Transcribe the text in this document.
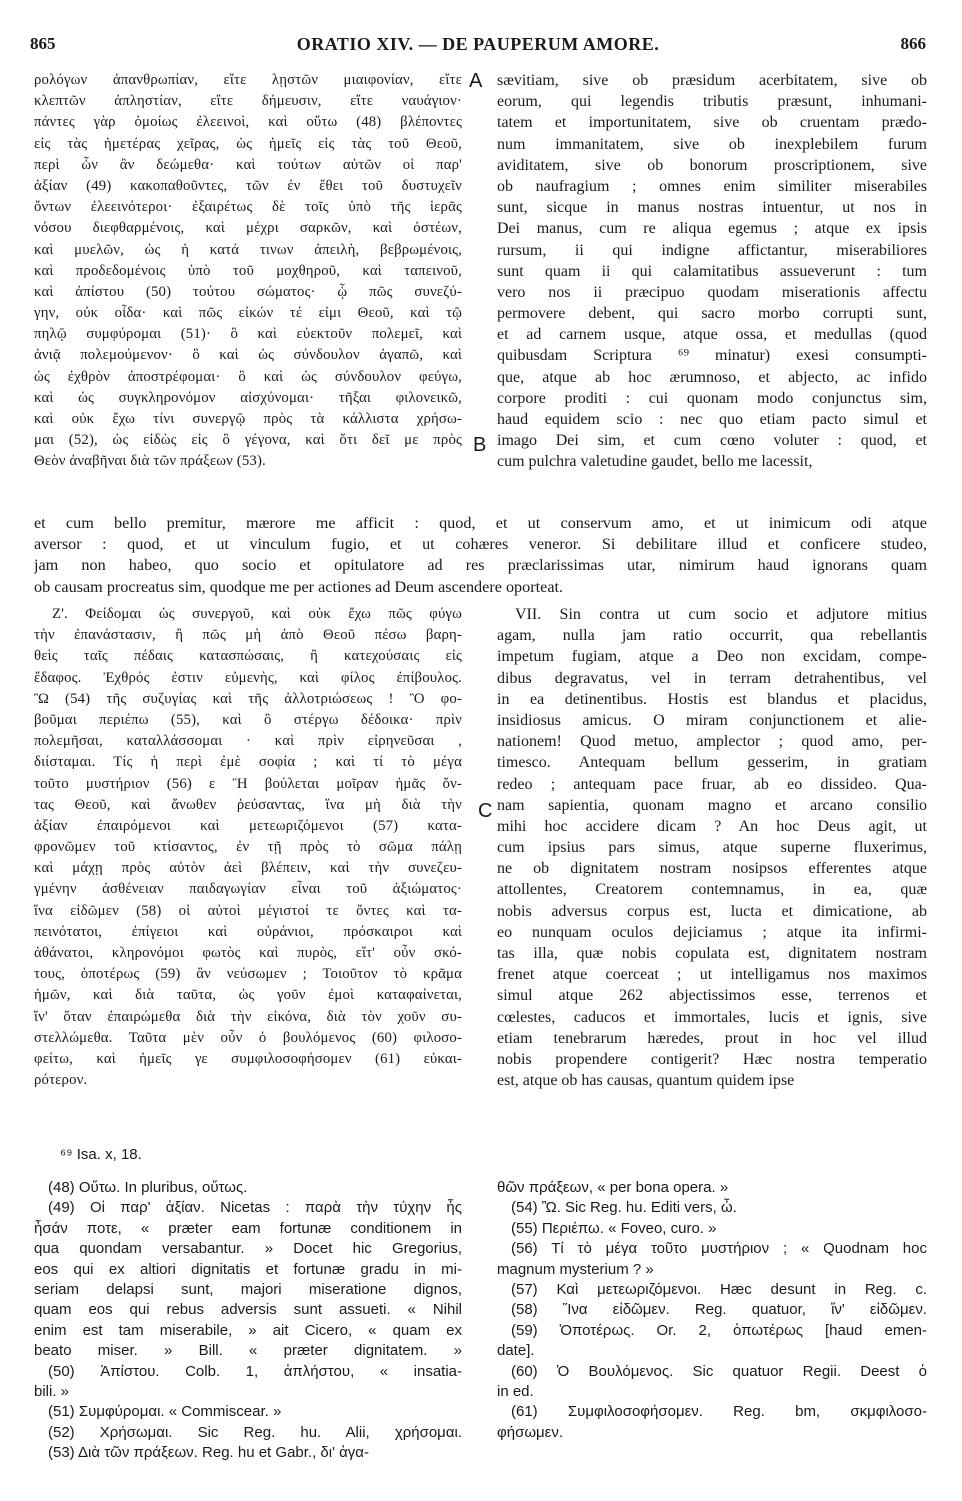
865	ORATIO XIV. — DE PAUPERUM AMORE.	866
A
B
C
ρολόγων ἀπανθρωπίαν, εἴτε λῃστῶν μιαιφονίαν, εἴτε
κλεπτῶν ἀπληστίαν, εἴτε δήμευσιν, εἴτε ναυάγιον·
πάντες γὰρ ὁμοίως ἐλεεινοὶ, καὶ οὕτω (48) βλέποντες
εἰς τὰς ἡμετέρας χεῖρας, ὡς ἡμεῖς εἰς τὰς τοῦ Θεοῦ,
περὶ ὧν ἂν δεώμεθα· καὶ τούτων αὐτῶν οἱ παρ'
ἀξίαν (49) κακοπαθοῦντες, τῶν ἐν ἔθει τοῦ δυστυχεῖν
ὄντων ἐλεεινότεροι· ἐξαιρέτως δὲ τοῖς ὑπὸ τῆς ἱερᾶς
νόσου διεφθαρμένοις, καὶ μέχρι σαρκῶν, καὶ ὀστέων,
καὶ μυελῶν, ὡς ἡ κατά τινων ἀπειλὴ, βεβρωμένοις,
καὶ προδεδομένοις ὑπὸ τοῦ μοχθηροῦ, καὶ ταπεινοῦ,
καὶ ἀπίστου (50) τούτου σώματος· ᾧ πῶς συνεζύ-
γην, οὐκ οἶδα· καὶ πῶς εἰκών τέ εἰμι Θεοῦ, καὶ τῷ
πηλῷ συμφύρομαι (51)· ὃ καὶ εὐεκτοῦν πολεμεῖ, καὶ
ἀνιᾷ πολεμούμενον· ὃ καὶ ὡς σύνδουλον ἀγαπῶ, καὶ
ὡς ἐχθρὸν ἀποστρέφομαι· ὃ καὶ ὡς σύνδουλον φεύγω,
καὶ ὡς συγκληρονόμον αἰσχύνομαι· τῆξαι φιλονεικῶ,
καὶ οὐκ ἔχω τίνι συνεργῷ πρὸς τὰ κάλλιστα χρήσω-
μαι (52), ὡς εἰδὼς εἰς ὃ γέγονα, καὶ ὅτι δεῖ με πρὸς
Θεὸν ἀναβῆναι διὰ τῶν πράξεων (53).
sævitiam, sive ob præsidum acerbitatem, sive ob
eorum, qui legendis tributis præsunt, inhumani-
tatem et importunitatem, sive ob cruentam prædo-
num immanitatem, sive ob inexplebilem furum
aviditatem, sive ob bonorum proscriptionem, sive
ob naufragium ; omnes enim similiter miserabiles
sunt, sicque in manus nostras intuentur, ut nos in
Dei manus, cum re aliqua egemus ; atque ex ipsis
rursum, ii qui indigne affictantur, miserabiliores
sunt quam ii qui calamitatibus assueverunt : tum
vero nos ii præcipuo quodam miserationis affectu
permovere debent, qui sacro morbo corrupti sunt,
et ad carnem usque, atque ossa, et medullas (quod
quibusdam Scriptura ⁶⁹ minatur) exesi consumpti-
que, atque ab hoc ærumnoso, et abjecto, ac infido
corpore proditi : cui quonam modo conjunctus sim,
haud equidem scio : nec quo etiam pacto simul et
imago Dei sim, et cum cœno voluter : quod, et
cum pulchra valetudine gaudet, bello me lacessit,
et cum bello premitur, mærore me afficit : quod, et ut conservum amo, et ut inimicum odi atque
aversor : quod, et ut vinculum fugio, et ut cohæres veneror. Si debilitare illud et conficere studeo,
jam non habeo, quo socio et opitulatore ad res præclarissimas utar, nimirum haud ignorans quam
ob causam procreatus sim, quodque me per actiones ad Deum ascendere oporteat.
Ζ'. Φείδομαι ὡς συνεργοῦ, καὶ οὐκ ἔχω πῶς φύγω
τὴν ἐπανάστασιν, ἢ πῶς μὴ ἀπὸ Θεοῦ πέσω βαρη-
θεὶς ταῖς πέδαις κατασπώσαις, ἢ κατεχούσαις εἰς
ἔδαφος. Ἐχθρός ἐστιν εὐμενὴς, καὶ φίλος ἐπίβουλος.
Ὢ (54) τῆς συζυγίας καὶ τῆς ἀλλοτριώσεως ! Ὃ φο-
βοῦμαι περιέπω (55), καὶ ὃ στέργω δέδοικα· πρὶν
πολεμῆσαι, καταλλάσσομαι · καὶ πρὶν εἰρηνεῦσαι ,
διίσταμαι. Τίς ἡ περὶ ἐμὲ σοφία ; καὶ τί τὸ μέγα
τοῦτο μυστήριον (56) ε Ἢ βούλεται μοῖραν ἡμᾶς ὄν-
τας Θεοῦ, καὶ ἄνωθεν ῥεύσαντας, ἵνα μὴ διὰ τὴν
ἀξίαν ἐπαιρόμενοι καὶ μετεωριζόμενοι (57) κατα-
φρονῶμεν τοῦ κτίσαντος, ἐν τῇ πρὸς τὸ σῶμα πάλῃ
καὶ μάχῃ πρὸς αὐτὸν ἀεὶ βλέπειν, καὶ τὴν συνεζευ-
γμένην ἀσθένειαν παιδαγωγίαν εἶναι τοῦ ἀξιώματος·
ἵνα εἰδῶμεν (58) οἱ αὐτοὶ μέγιστοί τε ὄντες καὶ τα-
πεινότατοι, ἐπίγειοι καὶ οὐράνιοι, πρόσκαιροι καὶ
ἀθάνατοι, κληρονόμοι φωτὸς καὶ πυρὸς, εἴτ' οὖν σκό-
τους, ὁποτέρως (59) ἂν νεύσωμεν ; Τοιοῦτον τὸ κρᾶμα
ἡμῶν, καὶ διὰ ταῦτα, ὡς γοῦν ἐμοὶ καταφαίνεται,
ἵν' ὅταν ἐπαιρώμεθα διὰ τὴν εἰκόνα, διὰ τὸν χοῦν συ-
στελλώμεθα. Ταῦτα μὲν οὖν ὁ βουλόμενος (60) φιλοσο-
φείτω, καὶ ἡμεῖς γε συμφιλοσοφήσομεν (61) εὐκαι-
ρότερον.
VII. Sin contra ut cum socio et adjutore mitius
agam, nulla jam ratio occurrit, qua rebellantis
impetum fugiam, atque a Deo non excidam, compe-
dibus degravatus, vel in terram detrahentibus, vel
in ea detinentibus. Hostis est blandus et placidus,
insidiosus amicus. O miram conjunctionem et alie-
nationem! Quod metuo, amplector ; quod amo, per-
timesco. Antequam bellum gesserim, in gratiam
redeo ; antequam pace fruar, ab eo dissideo. Qua-
nam sapientia, quonam magno et arcano consilio
mihi hoc accidere dicam ? An hoc Deus agit, ut
cum ipsius pars simus, atque superne fluxerimus,
ne ob dignitatem nostram nosipsos efferentes atque
attollentes, Creatorem contemnamus, in ea, quæ
nobis adversus corpus est, lucta et dimicatione, ab
eo nunquam oculos dejiciamus ; atque ita infirmi-
tas illa, quæ nobis copulata est, dignitatem nostram
frenet atque coerceat ; ut intelligamus nos maximos
simul atque 262 abjectissimos esse, terrenos et
cœlestes, caducos et immortales, lucis et ignis, sive
etiam tenebrarum hæredes, prout in hoc vel illud
nobis propendere contigerit? Hæc nostra temperatio
est, atque ob has causas, quantum quidem ipse
⁶⁹ Isa. x, 18.
(48) Οὕτω. In pluribus, οὕτως.
(49) Οἱ παρ' ἀξίαν. Nicetas : παρὰ τὴν τύχην ἧς
ἦσάν ποτε, « præter eam fortunæ conditionem in
qua quondam versabantur. » Docet hic Gregorius,
eos qui ex altiori dignitatis et fortunæ gradu in mi-
seriam delapsi sunt, majori miseratione dignos,
quam eos qui rebus adversis sunt assueti. « Nihil
enim est tam miserabile, » ait Cicero, « quam ex
beato miser. » Bill. « præter dignitatem. »
(50) Ἀπίστου. Colb. 1, ἀπλήστου, « insatia-
bili. »
(51) Συμφύρομαι. « Commiscear. »
(52) Χρήσωμαι. Sic Reg. hu. Alii, χρήσομαι.
(53) Διὰ τῶν πράξεων. Reg. hu et Gabr., δι' ἀγα-
θῶν πράξεων, « per bona opera. »
(54) Ὢ. Sic Reg. hu. Editi vers, ὦ.
(55) Περιέπω. « Foveo, curo. »
(56) Τί τὸ μέγα τοῦτο μυστήριον ; « Quodnam hoc
magnum mysterium ? »
(57) Καὶ μετεωριζόμενοι. Hæc desunt in Reg. c.
(58) Ἵνα εἰδῶμεν. Reg. quatuor, ἵν' εἰδῶμεν.
(59) Ὁποτέρως. Or. 2, ὁπωτέρως [haud emen-
date].
(60) Ὁ Βουλόμενος. Sic quatuor Regii. Deest ὁ
in ed.
(61) Συμφιλοσοφήσομεν. Reg. bm, σκμφιλοσο-
φήσωμεν.
